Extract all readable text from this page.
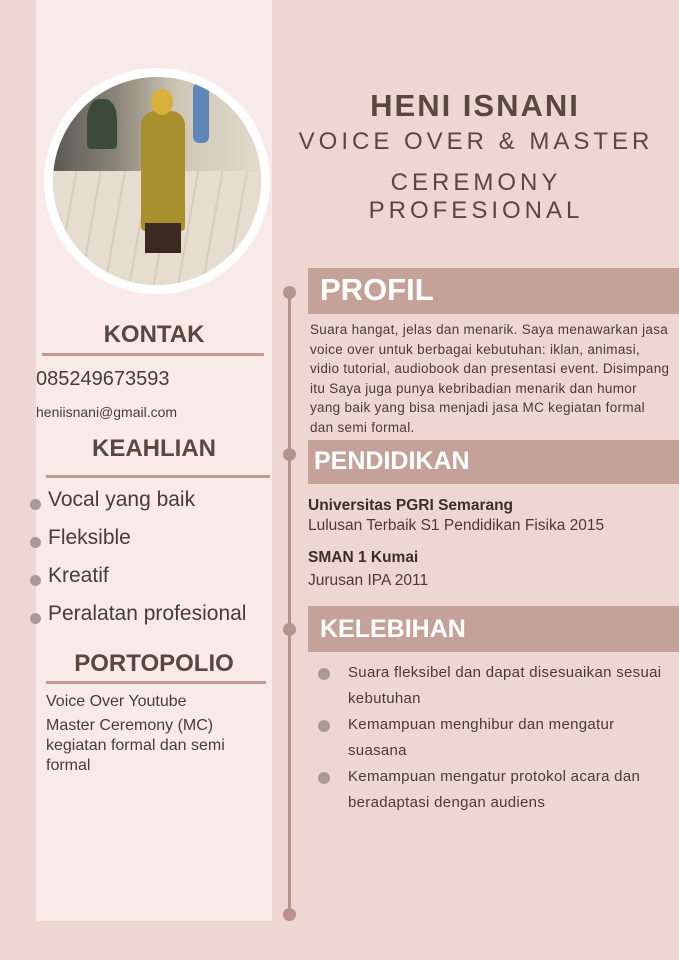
KONTAK
085249673593
heniisnani@gmail.com
KEAHLIAN
Vocal yang baik
Fleksible
Kreatif
Peralatan profesional
PORTOPOLIO
Voice Over Youtube
Master Ceremony (MC) kegiatan formal dan semi formal
HENI ISNANI
VOICE OVER & MASTER
CEREMONY PROFESIONAL
PROFIL
Suara hangat, jelas dan menarik. Saya menawarkan jasa voice over untuk berbagai kebutuhan: iklan, animasi, vidio tutorial, audiobook dan presentasi event. Disimpang itu Saya juga punya kebribadian menarik dan humor yang baik yang bisa menjadi jasa MC kegiatan formal dan semi formal.
PENDIDIKAN
Universitas PGRI Semarang
Lulusan Terbaik S1 Pendidikan Fisika 2015
SMAN 1 Kumai
Jurusan IPA 2011
KELEBIHAN
Suara fleksibel dan dapat disesuaikan sesuai kebutuhan
Kemampuan menghibur dan mengatur suasana
Kemampuan mengatur protokol acara dan beradaptasi dengan audiens
